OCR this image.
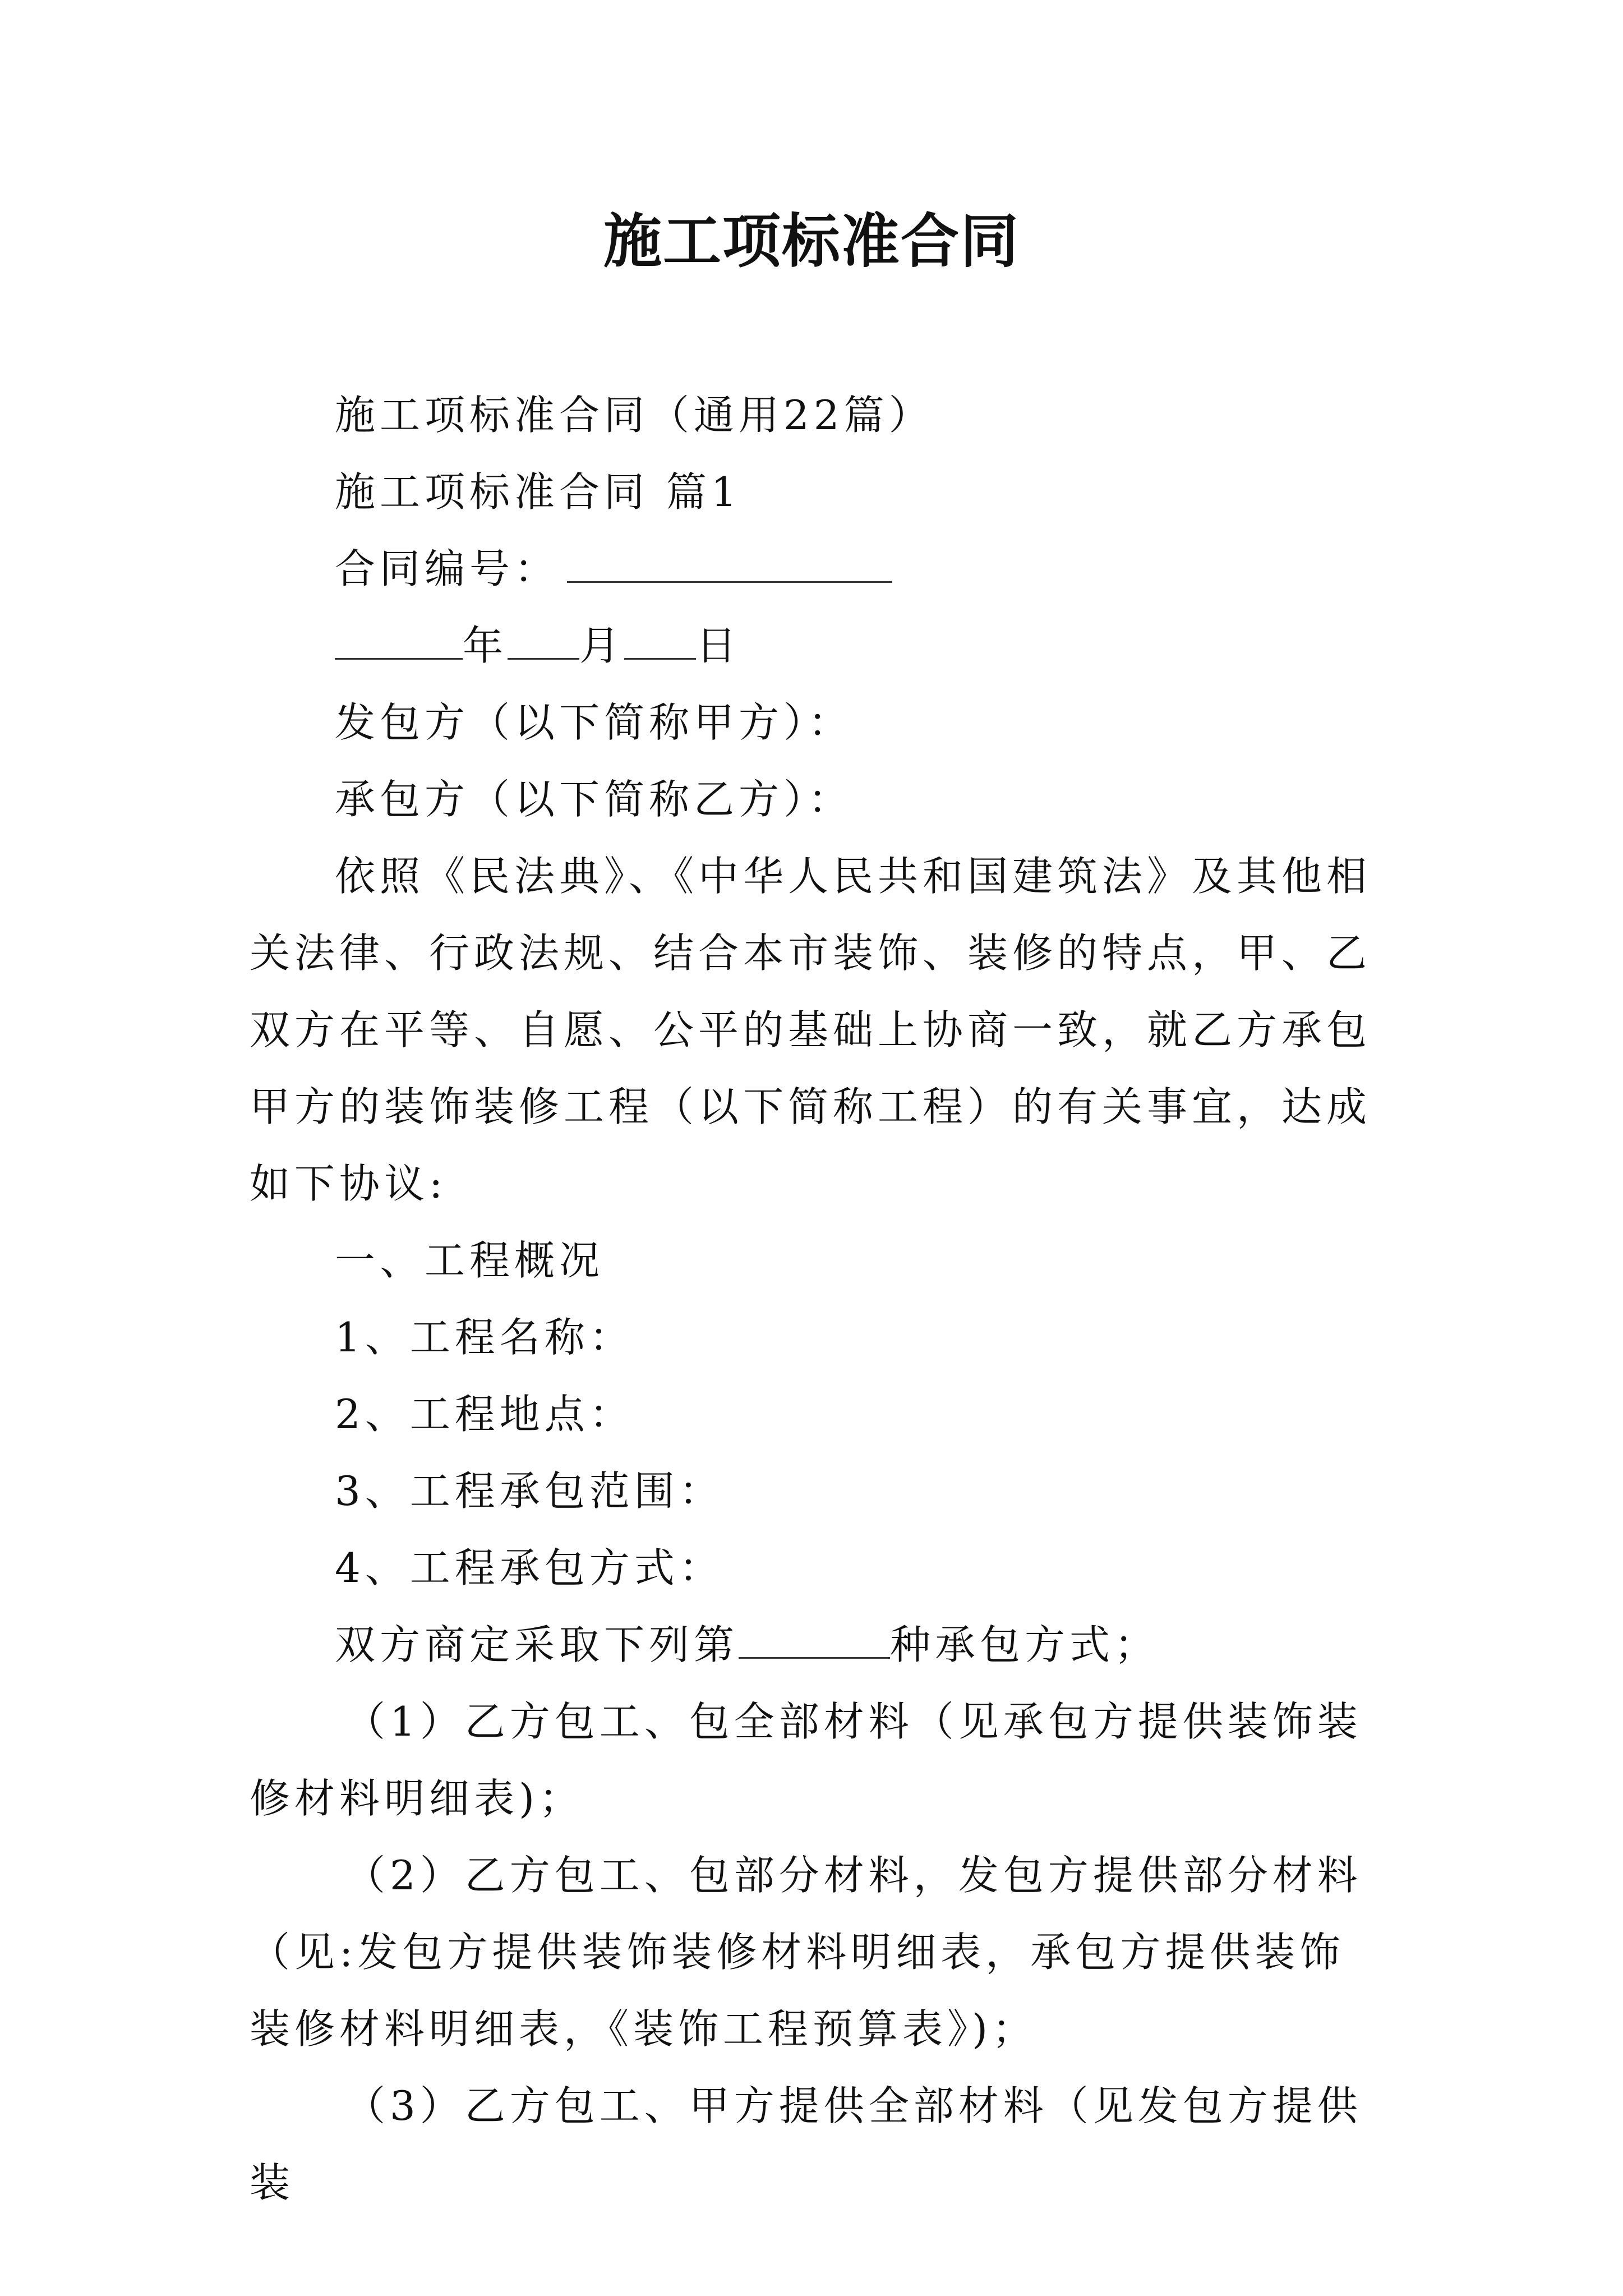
施工项标准合同

施工项标准合同（通用22篇）

施工项标准合同 篇1

合同编号：

年 月 日

发包方（以下简称甲方）：

承包方（以下简称乙方）：

依照《民法典》、《中华人民共和国建筑法》及其他相关法律、行政法规、结合本市装饰、装修的特点，甲、乙双方在平等、自愿、公平的基础上协商一致，就乙方承包甲方的装饰装修工程（以下简称工程）的有关事宜，达成如下协议:

一、工程概况

1、工程名称：

2、工程地点：

3、工程承包范围：

4、工程承包方式：

双方商定采取下列第	种承包方式；

（1）乙方包工、包全部材料（见承包方提供装饰装修材料明细表)；

（2）乙方包工、包部分材料，发包方提供部分材料（见:发包方提供装饰装修材料明细表，承包方提供装饰装修材料明细表，《装饰工程预算表》)；

（3）乙方包工、甲方提供全部材料（见发包方提供装
